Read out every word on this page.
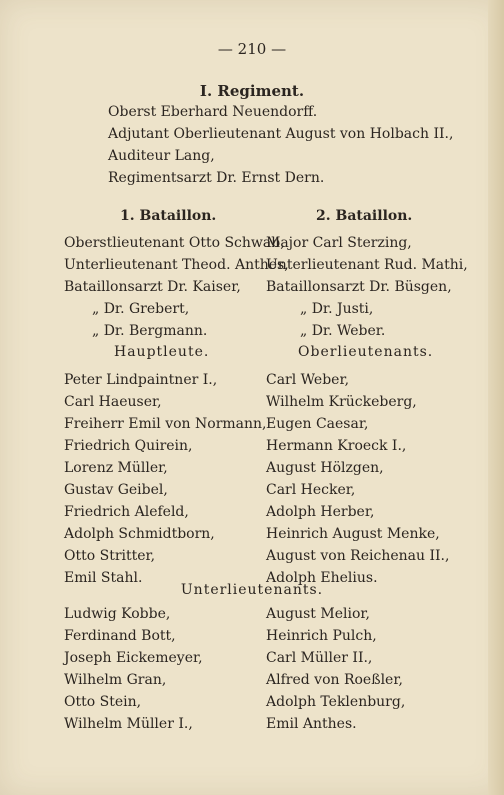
— 210 —
I. Regiment.
Oberst Eberhard Neuendorff.
Adjutant Oberlieutenant August von Holbach II.,
Auditeur Lang,
Regimentsarzt Dr. Ernst Dern.
1. Bataillon.	2. Bataillon.
Oberstlieutenant Otto Schwab,
Unterlieutenant Theod. Anthes,
Bataillonsarzt Dr. Kaiser,
„ Dr. Grebert,
„ Dr. Bergmann.
Major Carl Sterzing,
Unterlieutenant Rud. Mathi,
Bataillonsarzt Dr. Büsgen,
„ Dr. Justi,
„ Dr. Weber.
Hauptleute.	Oberlieutenants.
Peter Lindpaintner I.,
Carl Haeuser,
Freiherr Emil von Normann,
Friedrich Quirein,
Lorenz Müller,
Gustav Geibel,
Friedrich Alefeld,
Adolph Schmidtborn,
Otto Stritter,
Emil Stahl.
Carl Weber,
Wilhelm Krückeberg,
Eugen Caesar,
Hermann Kroeck I.,
August Hölzgen,
Carl Hecker,
Adolph Herber,
Heinrich August Menke,
August von Reichenau II.,
Adolph Ehelius.
Unterlieutenants.
Ludwig Kobbe,
Ferdinand Bott,
Joseph Eickemeyer,
Wilhelm Gran,
Otto Stein,
Wilhelm Müller I.,
August Melior,
Heinrich Pulch,
Carl Müller II.,
Alfred von Roeßler,
Adolph Teklenburg,
Emil Anthes.
